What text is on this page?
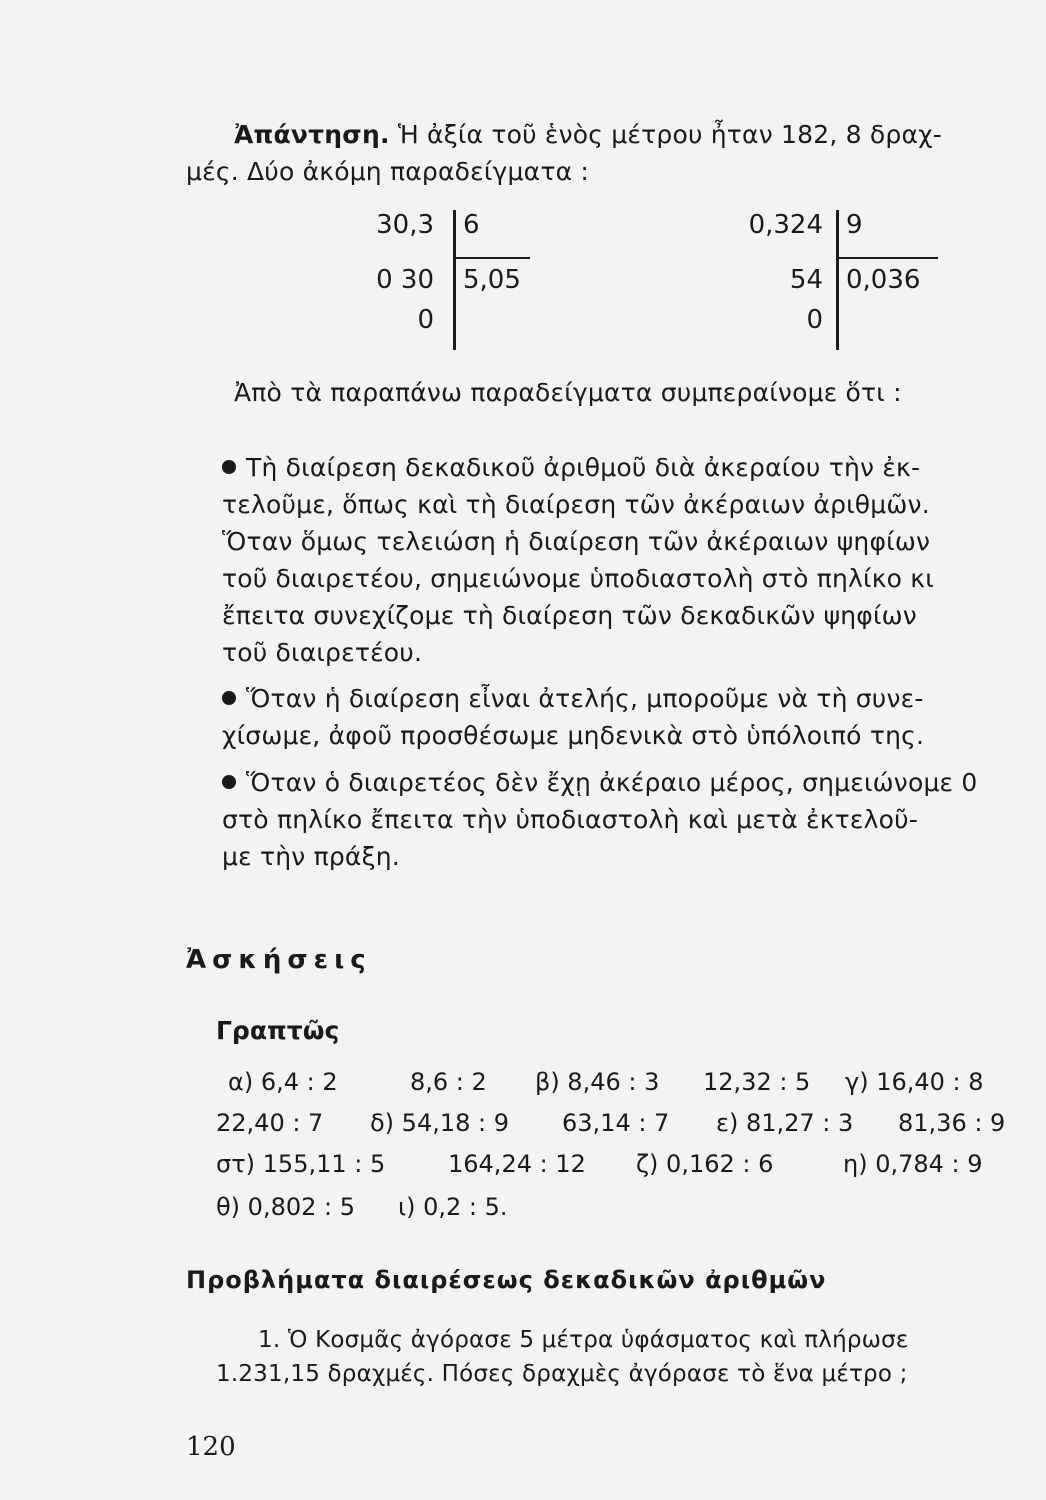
Ἀπάντηση. Ἡ ἀξία τοῦ ἑνὸς μέτρου ἦταν 182, 8 δραχ-
μές. Δύο ἀκόμη παραδείγματα :
30,3 6
0 30 5,05
0
0,324 9
54 0,036
0
Ἀπὸ τὰ παραπάνω παραδείγματα συμπεραίνομε ὅτι :
Τὴ διαίρεση δεκαδικοῦ ἀριθμοῦ διὰ ἀκεραίου τὴν ἐκ-
τελοῦμε, ὅπως καὶ τὴ διαίρεση τῶν ἀκέραιων ἀριθμῶν.
Ὅταν ὅμως τελειώση ἡ διαίρεση τῶν ἀκέραιων ψηφίων
τοῦ διαιρετέου, σημειώνομε ὑποδιαστολὴ στὸ πηλίκο κι
ἔπειτα συνεχίζομε τὴ διαίρεση τῶν δεκαδικῶν ψηφίων
τοῦ διαιρετέου.
Ὅταν ἡ διαίρεση εἶναι ἀτελής, μποροῦμε νὰ τὴ συνε-
χίσωμε, ἀφοῦ προσθέσωμε μηδενικὰ στὸ ὑπόλοιπό της.
Ὅταν ὁ διαιρετέος δὲν ἔχῃ ἀκέραιο μέρος, σημειώνομε 0
στὸ πηλίκο ἔπειτα τὴν ὑποδιαστολὴ καὶ μετὰ ἐκτελοῦ-
με τὴν πράξη.
Ἀσκήσεις
Γραπτῶς
α) 6,4 : 2	8,6 : 2 β) 8,46 : 3 12,32 : 5 γ) 16,40 : 8
22,40 : 7 δ) 54,18 : 9 63,14 : 7 ε) 81,27 : 3 81,36 : 9
στ) 155,11 : 5	164,24 : 12 ζ) 0,162 : 6	η) 0,784 : 9
θ) 0,802 : 5 ι) 0,2 : 5.
Προβλήματα διαιρέσεως δεκαδικῶν ἀριθμῶν
1. Ὁ Κοσμᾶς ἀγόρασε 5 μέτρα ὑφάσματος καὶ πλήρωσε
1.231,15 δραχμές. Πόσες δραχμὲς ἀγόρασε τὸ ἕνα μέτρο ;
120
